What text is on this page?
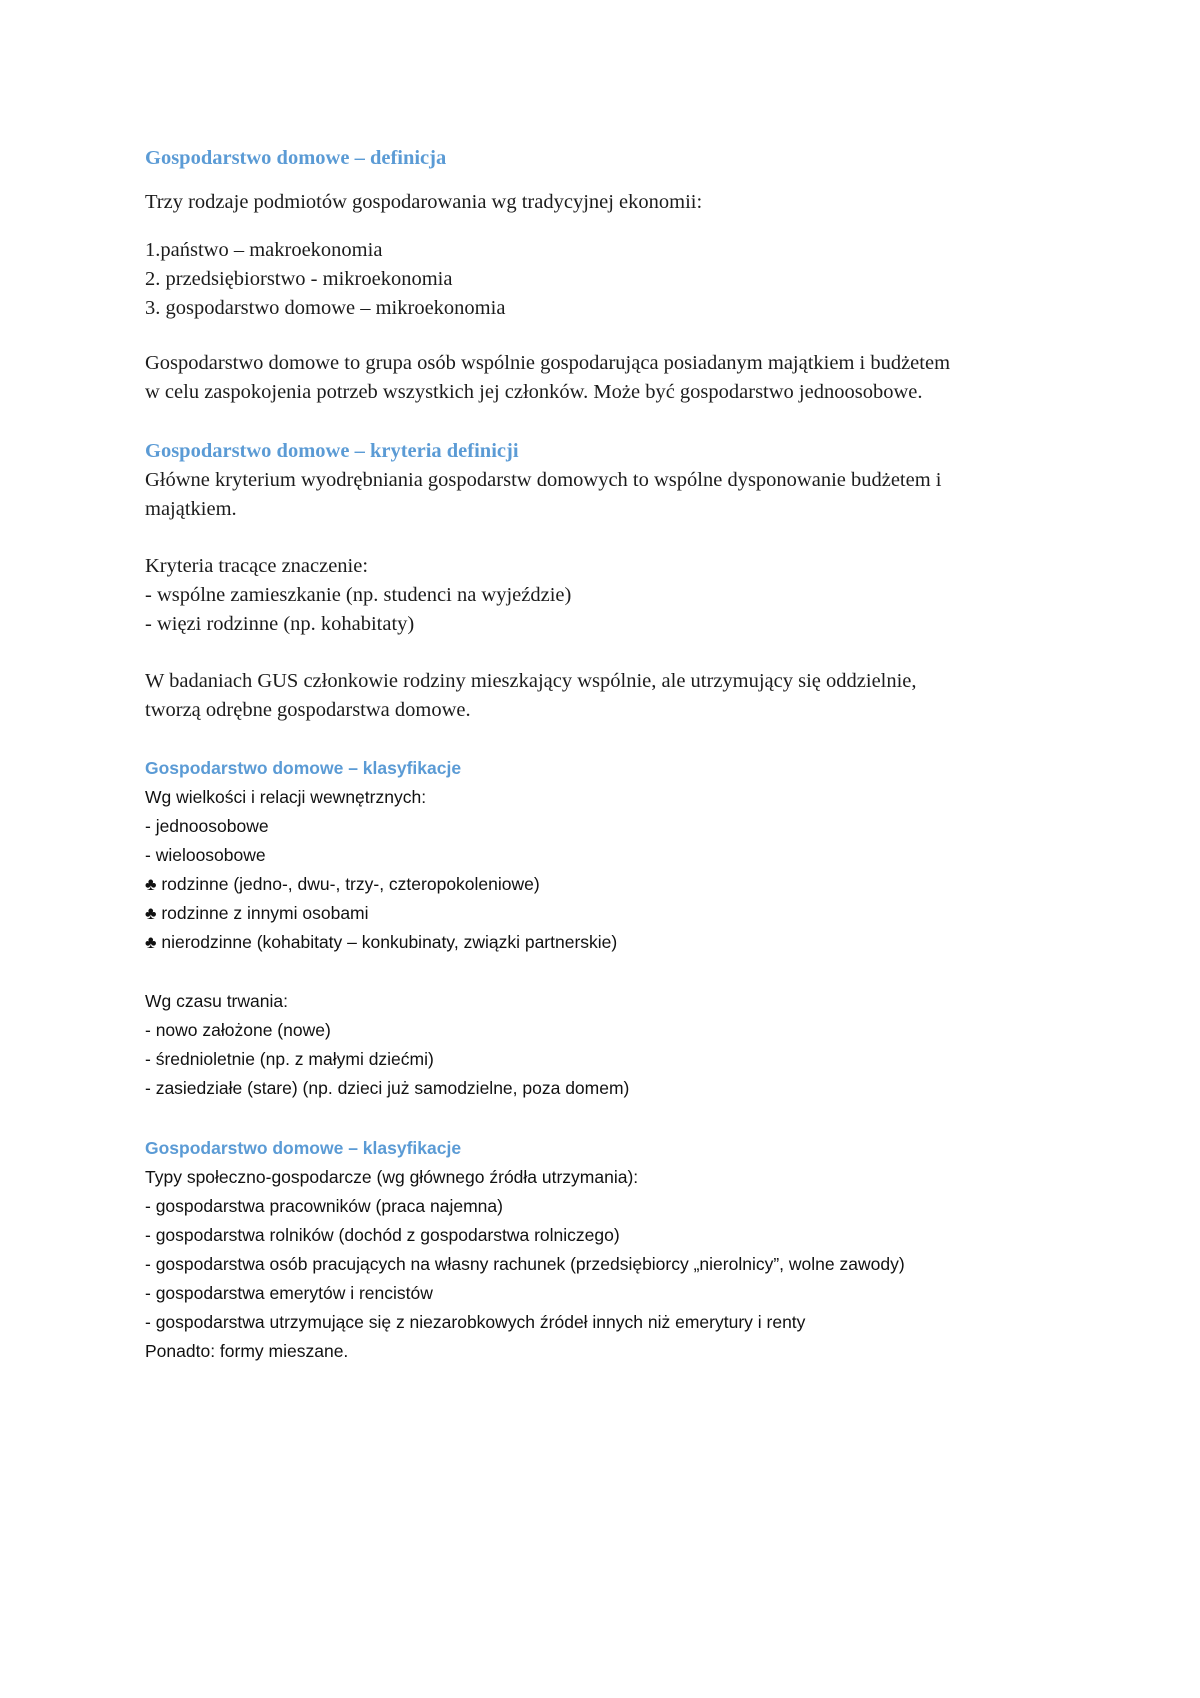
Gospodarstwo domowe – definicja
Trzy rodzaje podmiotów gospodarowania wg tradycyjnej ekonomii:
1.państwo – makroekonomia
2. przedsiębiorstwo - mikroekonomia
3. gospodarstwo domowe – mikroekonomia
Gospodarstwo domowe to grupa osób wspólnie gospodarująca posiadanym majątkiem i budżetem
w celu zaspokojenia potrzeb wszystkich jej członków. Może być gospodarstwo jednoosobowe.
Gospodarstwo domowe – kryteria definicji
Główne kryterium wyodrębniania gospodarstw domowych to wspólne dysponowanie budżetem i
majątkiem.
Kryteria tracące znaczenie:
- wspólne zamieszkanie (np. studenci na wyjeździe)
- więzi rodzinne (np. kohabitaty)
W badaniach GUS członkowie rodziny mieszkający wspólnie, ale utrzymujący się oddzielnie,
tworzą odrębne gospodarstwa domowe.
Gospodarstwo domowe – klasyfikacje
Wg wielkości i relacji wewnętrznych:
- jednoosobowe
- wieloosobowe
♣ rodzinne (jedno-, dwu-, trzy-, czteropokoleniowe)
♣ rodzinne z innymi osobami
♣ nierodzinne (kohabitaty – konkubinaty, związki partnerskie)
Wg czasu trwania:
- nowo założone (nowe)
- średnioletnie (np. z małymi dziećmi)
- zasiedziałe (stare) (np. dzieci już samodzielne, poza domem)
Gospodarstwo domowe – klasyfikacje
Typy społeczno-gospodarcze (wg głównego źródła utrzymania):
- gospodarstwa pracowników (praca najemna)
- gospodarstwa rolników (dochód z gospodarstwa rolniczego)
- gospodarstwa osób pracujących na własny rachunek (przedsiębiorcy „nierolnicy”, wolne zawody)
- gospodarstwa emerytów i rencistów
- gospodarstwa utrzymujące się z niezarobkowych źródeł innych niż emerytury i renty
Ponadto: formy mieszane.
